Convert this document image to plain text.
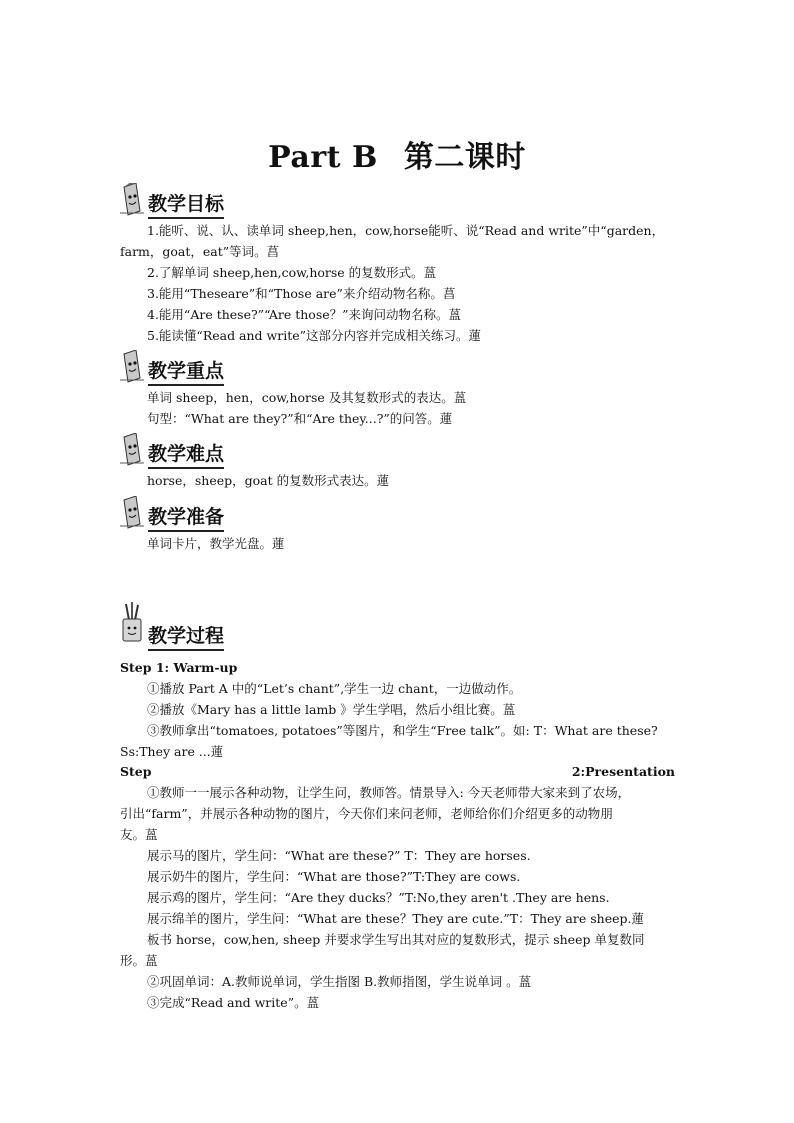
Part B 第二课时
教学目标
1.能听、说、认、读单词 sheep,hen，cow,horse能听、说“Read and write”中“garden，
farm，goat，eat”等词。菖
2.了解单词 sheep,hen,cow,horse 的复数形式。蒕
3.能用“Theseare”和“Those are”来介绍动物名称。菖
4.能用“Are these?”“Are those？”来询问动物名称。蒕
5.能读懂“Read and write”这部分内容并完成相关练习。蓮
教学重点
单词 sheep，hen，cow,horse 及其复数形式的表达。蒕
句型：“What are they?”和“Are they...?”的问答。蓮
教学难点
horse，sheep，goat 的复数形式表达。蓮
教学准备
单词卡片，教学光盘。蓮
教学过程
Step 1: Warm-up
①播放 Part A 中的“Let’s chant”,学生一边 chant，一边做动作。
②播放《Mary has a little lamb 》学生学唱，然后小组比赛。蒕
③教师拿出“tomatoes, potatoes”等图片，和学生“Free talk”。如: T：What are these?
Ss:They are ...蓮
Step	2:Presentation
①教师一一展示各种动物，让学生问，教师答。情景导入: 今天老师带大家来到了农场，
引出“farm”，并展示各种动物的图片，今天你们来问老师，老师给你们介绍更多的动物朋
友。蒕
展示马的图片，学生问：“What are these?” T：They are horses.
展示奶牛的图片，学生问：“What are those?”T:They are cows.
展示鸡的图片，学生问：“Are they ducks？”T:No,they aren't .They are hens.
展示绵羊的图片，学生问：“What are these？They are cute.”T：They are sheep.蓮
板书 horse，cow,hen, sheep 并要求学生写出其对应的复数形式，提示 sheep 单复数同
形。蒕
②巩固单词：A.教师说单词，学生指图 B.教师指图，学生说单词 。蒕
③完成“Read and write”。蒕
